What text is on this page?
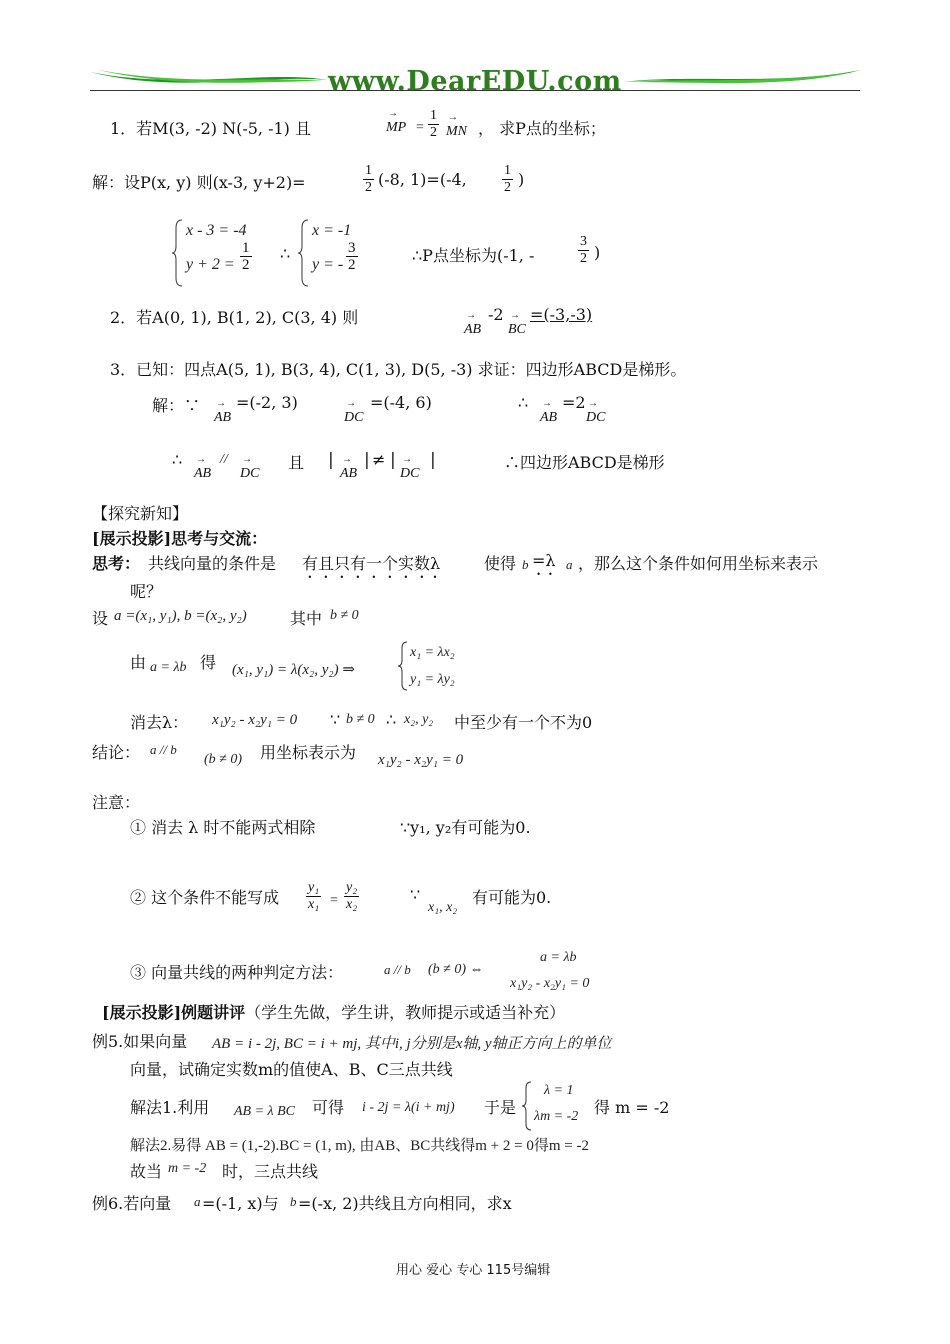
www.DearEDU.com
1．若M(3, -2) N(-5, -1) 且	→ MP = $\frac{1}{2}$ → MN ， 求P点的坐标；
解：设P(x, y) 则(x-3, y+2)=	$\frac{1}{2} (-8$, 1)=(-4,	$\frac{1}{2}$ )
x - 3 = -4
$y + 2 = \frac{1}{2}$ ∴
x = -1
y = - $\frac{3}{2}$	∴P点坐标为(-1, -	$\frac{3}{2}$ )
2．若A(0, 1), B(1, 2), C(3, 4) 则
→ AB
-2
→ BC
=(-3,-3)
3．已知：四点A(5, 1), B(3, 4), C(1, 3), D(5, -3) 求证：四边形ABCD是梯形。
解：∵
→ AB
=(-2, 3)
→ DC
=(-4, 6)	∴
→ AB
=2
→ DC
∴
→ AB
//
→ DC
且 |
→ AB
| ≠ |
→ DC
|	∴四边形ABCD是梯形
【探究新知】
[展示投影]思考与交流：
思考： 共线向量的条件是 有且只有一个实数λ	使得 b =λ a ，那么这个条件如何用坐标来表示
呢？
设 a =(x₁, y₁), b =(x₂, y₂)	其中 b ≠ 0
由 a = λb 得 (x₁, y₁) = λ(x₂, y₂) ⇒
x₁ = λx₂
y₁ = λy₂
消去λ： x₁y₂ - x₂y₁ = 0 ∵ b ≠ 0 ∴ x₂, y₂ 中至少有一个不为0
结论： a // b
(b ≠ 0) 用坐标表示为 x₁y₂ - x₂y₁ = 0
注意：
① 消去 λ 时不能两式相除	∵y₁, y₂有可能为0.
② 这个条件不能写成 $\frac{\text{y₁}}{\text{x₁}} = \frac{\text{y₂}}{\text{x₂}}$	∵
x₁, x₂
有可能为0.
③ 向量共线的两种判定方法：	a // b (b ≠ 0) ⇔
a = λb
x₁y₂ - x₂y₁ = 0
[展示投影]例题讲评（学生先做，学生讲，教师提示或适当补充）
例5.如果向量 AB = i - 2j, BC = i + mj, 其中i, j分别是x轴, y轴正方向上的单位
向量，试确定实数m的值使A、B、C三点共线
解法1.利用 AB = λ BC 可得 i - 2j = λ(i + mj) 于是
λ = 1
λm = -2 得 m = -2
解法2.易得 AB = (1,-2).BC = (1, m), 由AB、BC共线得m + 2 = 0得m = -2
故当 m = -2 时，三点共线
例6.若向量 a =(-1, x)与 b =(-x, 2)共线且方向相同，求x
用心 爱心 专心 115号编辑
